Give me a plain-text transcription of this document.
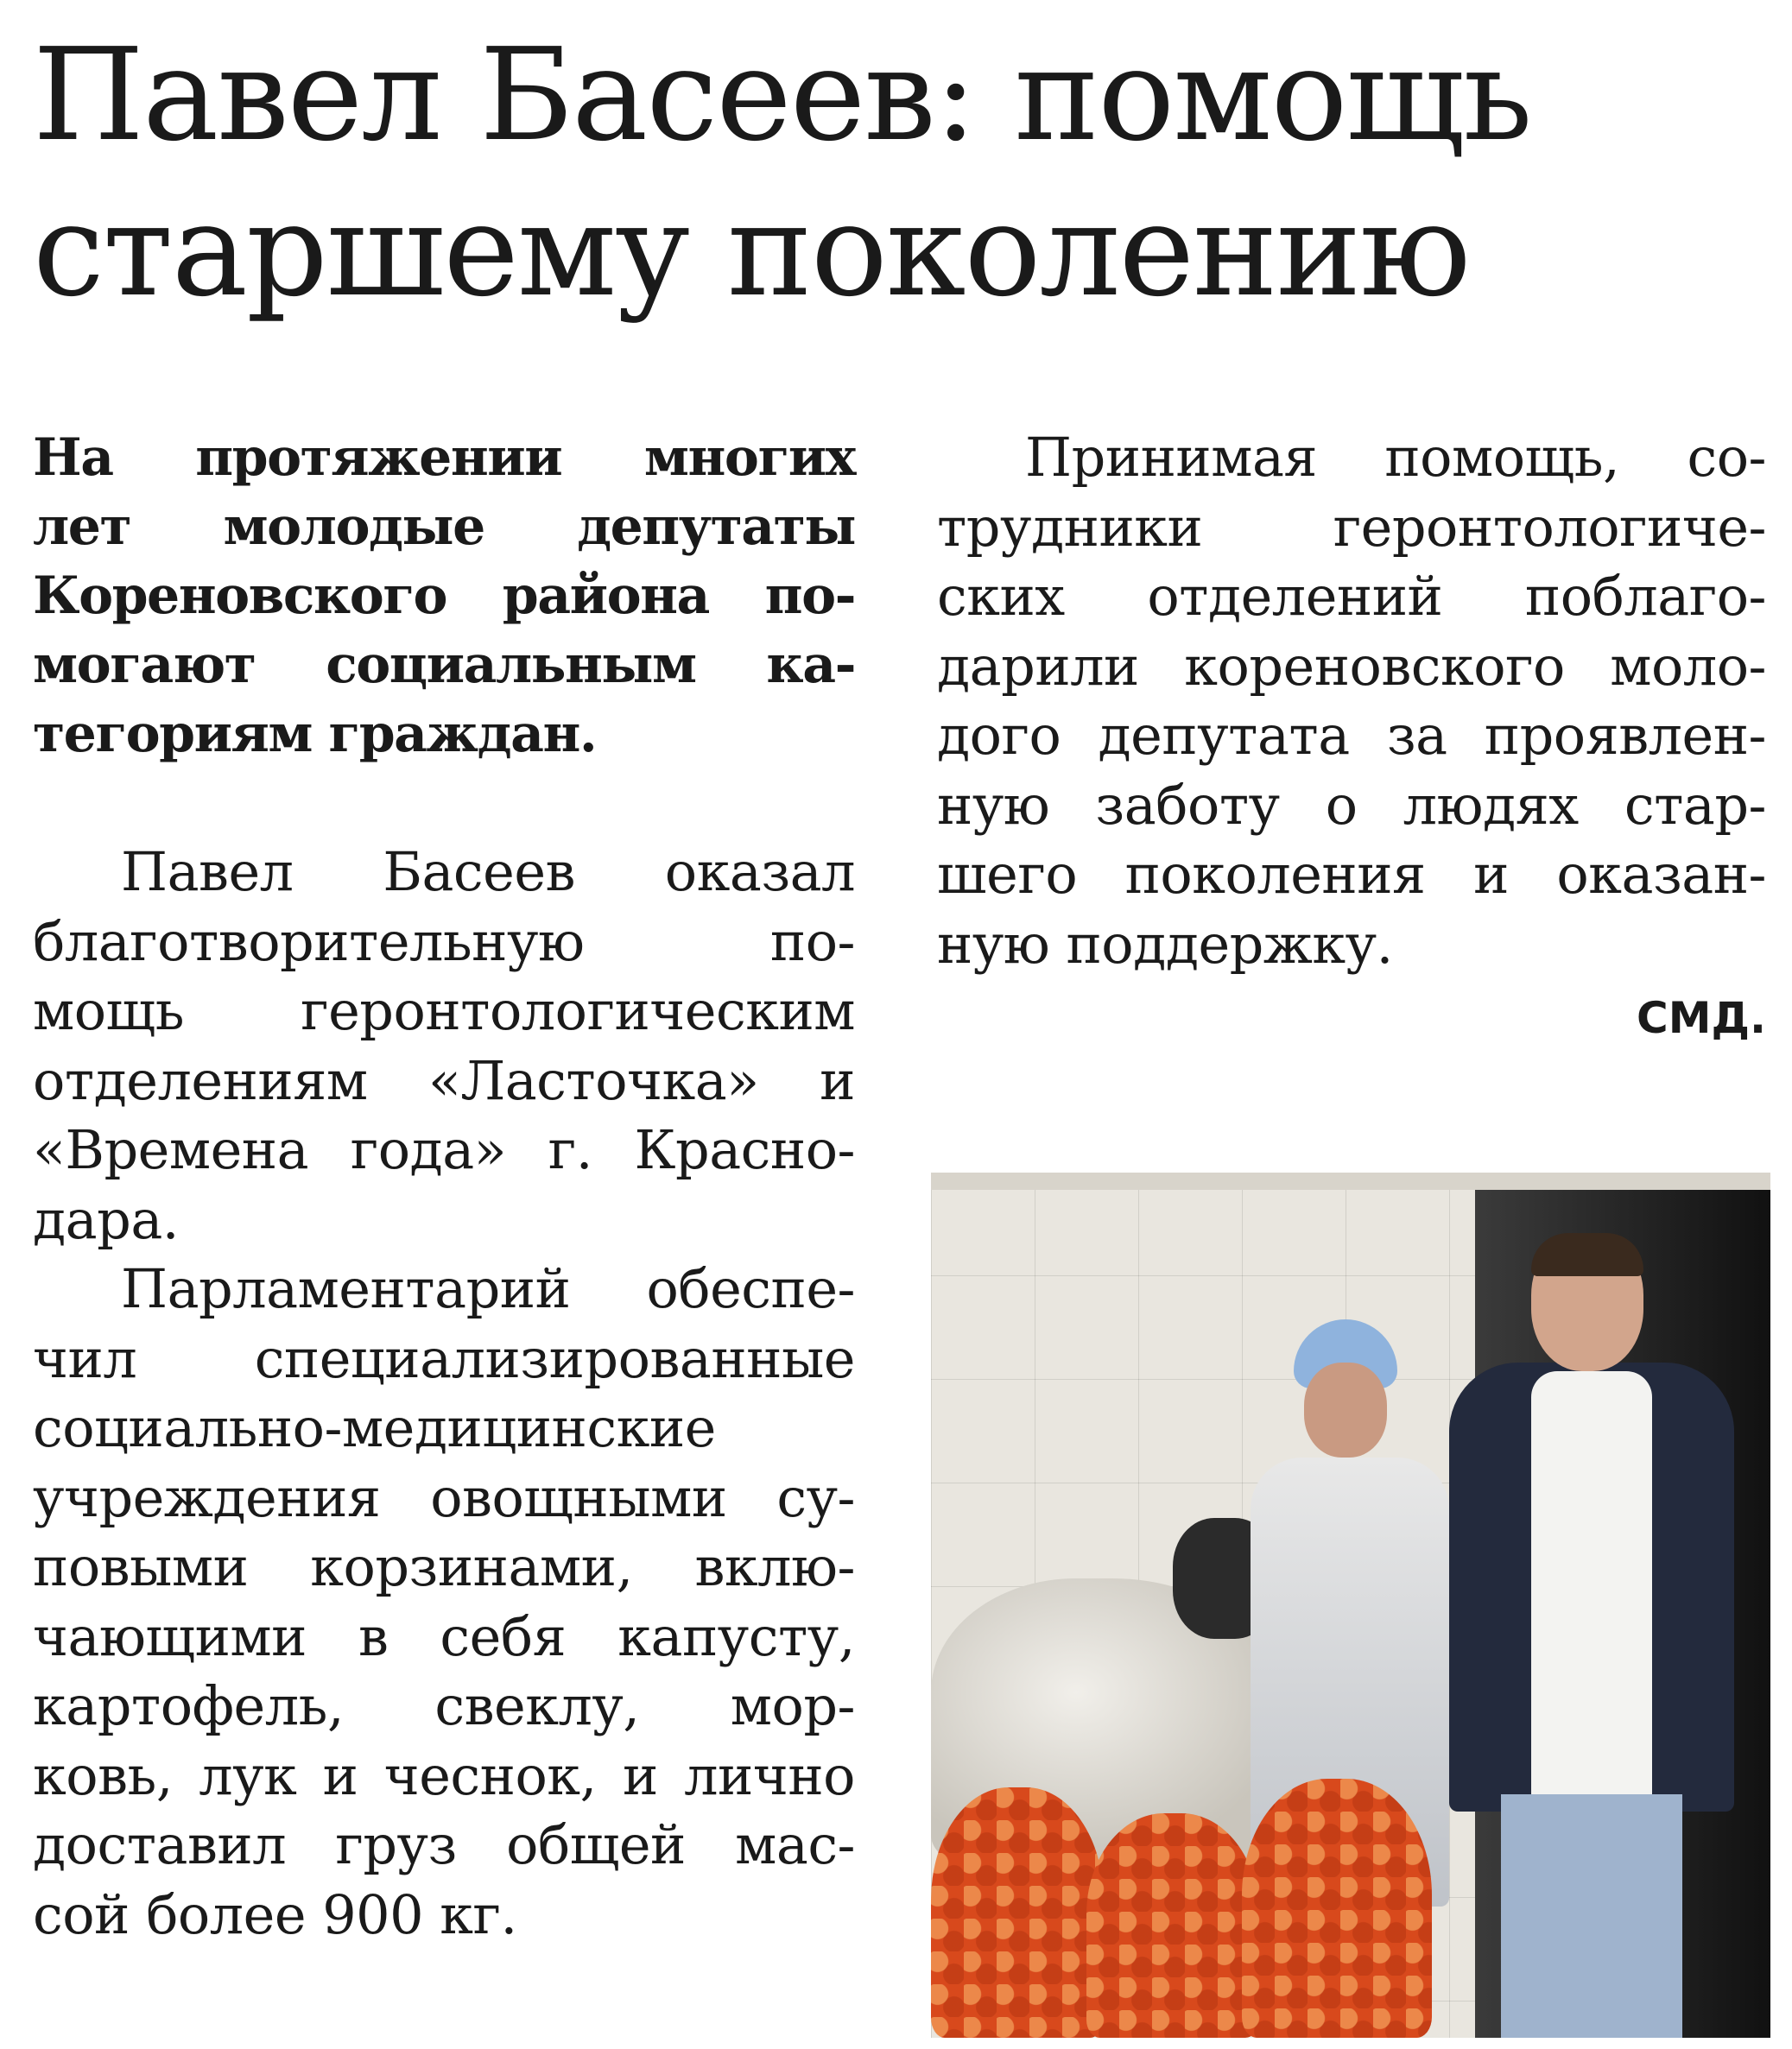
Павел Басеев: помощь
старшему поколению

На протяжении многих
лет молодые депутаты
Кореновского района по-
могают социальным ка-
тегориям граждан.

Павел Басеев оказал
благотворительную по-
мощь геронтологическим
отделениям «Ласточка» и
«Времена года» г. Красно-
дара.

Парламентарий обеспе-
чил специализированные
социально-медицинские
учреждения овощными су-
повыми корзинами, вклю-
чающими в себя капусту,
картофель, свеклу, мор-
ковь, лук и чеснок, и лично
доставил груз общей мас-
сой более 900 кг.

Принимая помощь, со-
трудники геронтологиче-
ских отделений поблаго-
дарили кореновского моло-
дого депутата за проявлен-
ную заботу о людях стар-
шего поколения и оказан-
ную поддержку.

СМД.
